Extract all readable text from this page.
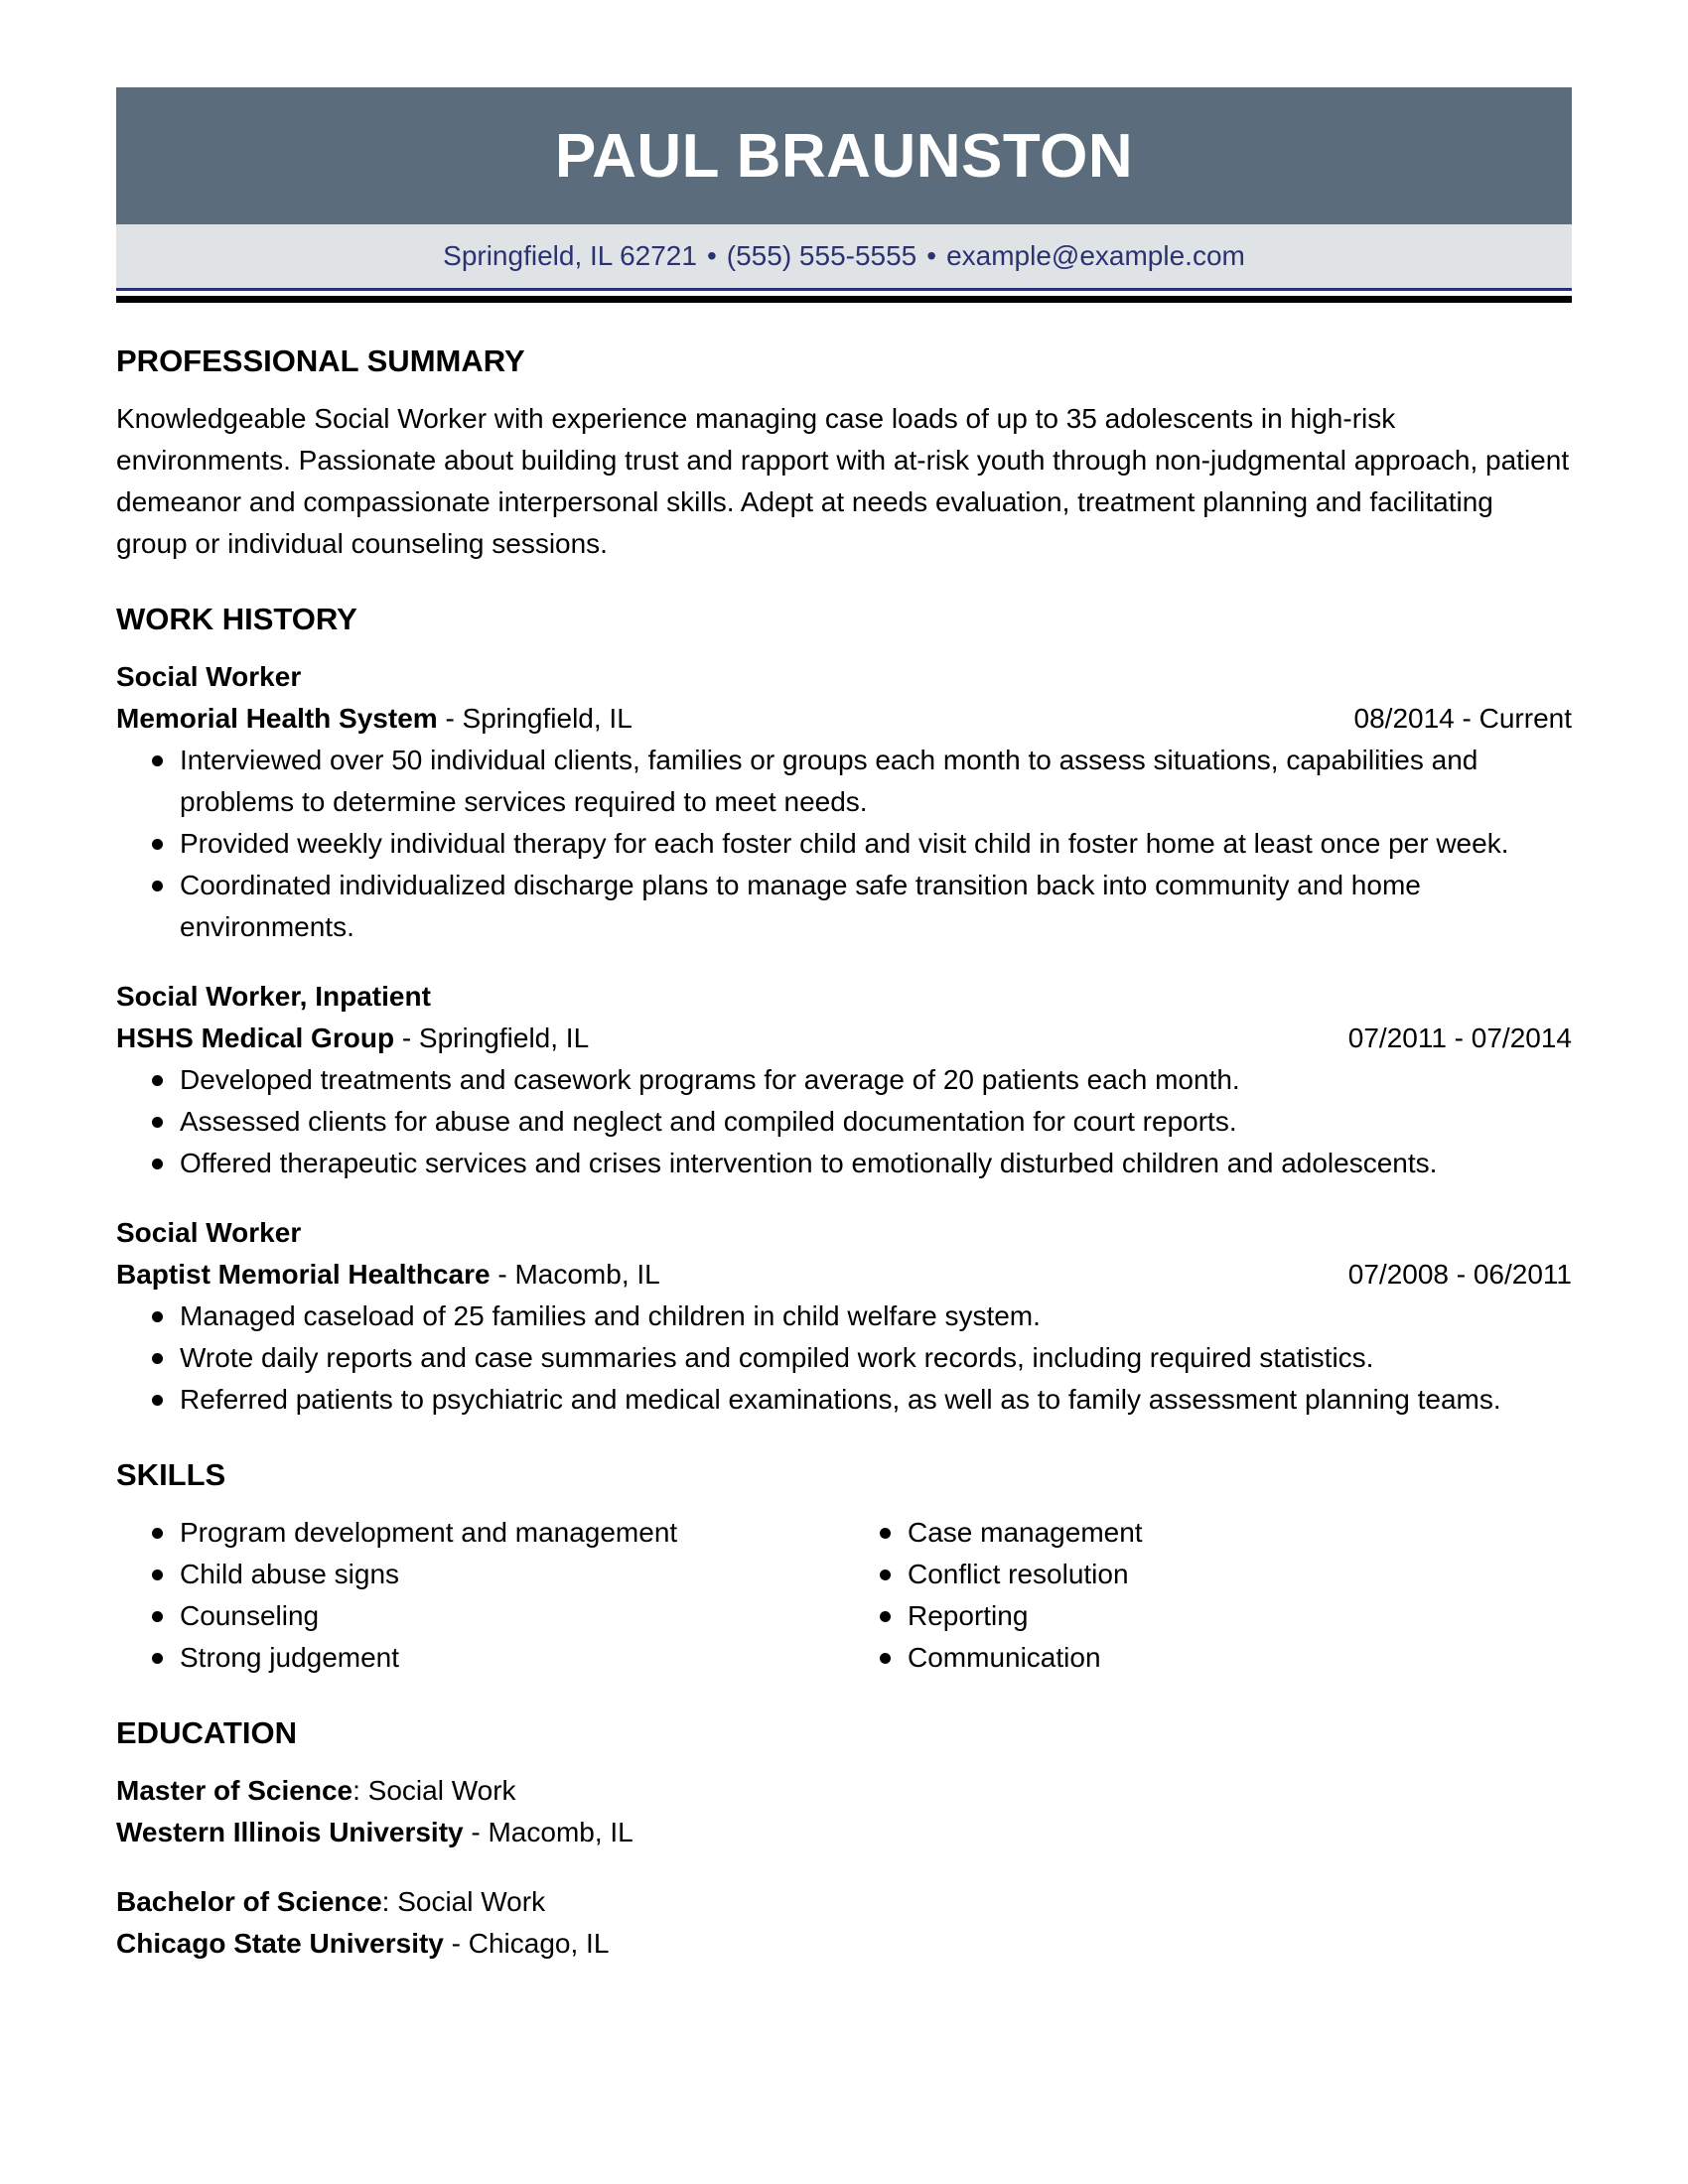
PAUL BRAUNSTON
Springfield, IL 62721 • (555) 555-5555 • example@example.com
PROFESSIONAL SUMMARY

Knowledgeable Social Worker with experience managing case loads of up to 35 adolescents in high-risk environments. Passionate about building trust and rapport with at-risk youth through non-judgmental approach, patient demeanor and compassionate interpersonal skills. Adept at needs evaluation, treatment planning and facilitating group or individual counseling sessions.

WORK HISTORY
Social Worker
Memorial Health System - Springfield, IL	08/2014 - Current
Interviewed over 50 individual clients, families or groups each month to assess situations, capabilities and problems to determine services required to meet needs.
Provided weekly individual therapy for each foster child and visit child in foster home at least once per week.
Coordinated individualized discharge plans to manage safe transition back into community and home environments.
Social Worker, Inpatient
HSHS Medical Group - Springfield, IL	07/2011 - 07/2014
Developed treatments and casework programs for average of 20 patients each month.
Assessed clients for abuse and neglect and compiled documentation for court reports.
Offered therapeutic services and crises intervention to emotionally disturbed children and adolescents.
Social Worker
Baptist Memorial Healthcare - Macomb, IL	07/2008 - 06/2011
Managed caseload of 25 families and children in child welfare system.
Wrote daily reports and case summaries and compiled work records, including required statistics.
Referred patients to psychiatric and medical examinations, as well as to family assessment planning teams.
SKILLS
Program development and management
Child abuse signs
Counseling
Strong judgement
Case management
Conflict resolution
Reporting
Communication
EDUCATION
Master of Science: Social Work
Western Illinois University - Macomb, IL
Bachelor of Science: Social Work
Chicago State University - Chicago, IL
